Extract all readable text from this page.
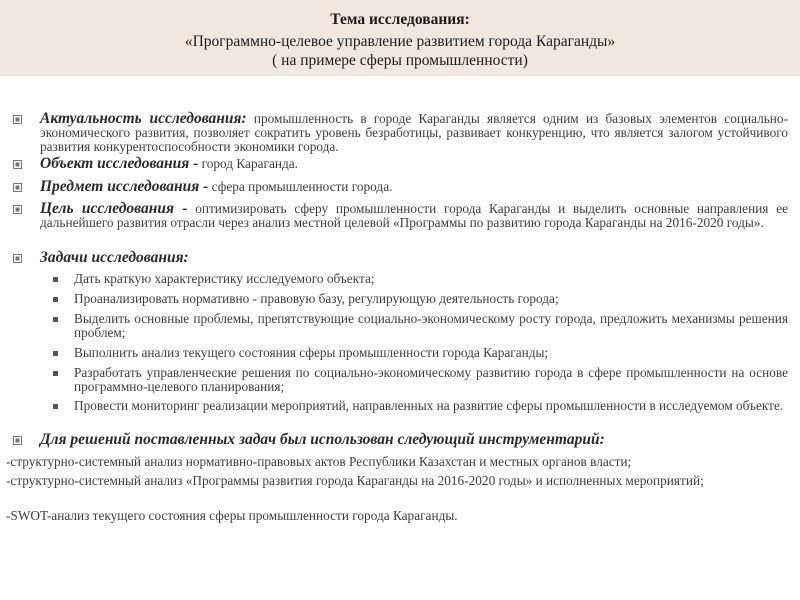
Тема исследования:
«Программно-целевое управление развитием города Караганды»
( на примере сферы промышленности)
Актуальность исследования: промышленность в городе Караганды является одним из базовых элементов социально-экономического развития, позволяет сократить уровень безработицы, развивает конкуренцию, что является залогом устойчивого развития конкурентоспособности экономики города.
Объект исследования - город Караганда.
Предмет исследования - сфера промышленности города.
Цель исследования - оптимизировать сферу промышленности города Караганды и выделить основные направления ее дальнейшего развития отрасли через анализ местной целевой «Программы по развитию города Караганды на 2016-2020 годы».
Задачи исследования:
Дать краткую характеристику исследуемого объекта;
Проанализировать нормативно - правовую базу, регулирующую деятельность города;
Выделить основные проблемы, препятствующие социально-экономическому росту города, предложить механизмы решения проблем;
Выполнить анализ текущего состояния сферы промышленности города Караганды;
Разработать управленческие решения по социально-экономическому развитию города в сфере промышленности на основе программно-целевого планирования;
Провести мониторинг реализации мероприятий, направленных на развитие сферы промышленности в исследуемом объекте.
Для решений поставленных задач был использован следующий инструментарий:
-структурно-системный анализ нормативно-правовых актов Республики Казахстан и местных органов власти;
-структурно-системный анализ «Программы развития города Караганды на 2016-2020 годы» и исполненных мероприятий;
-SWOT-анализ текущего состояния сферы промышленности города Караганды.
